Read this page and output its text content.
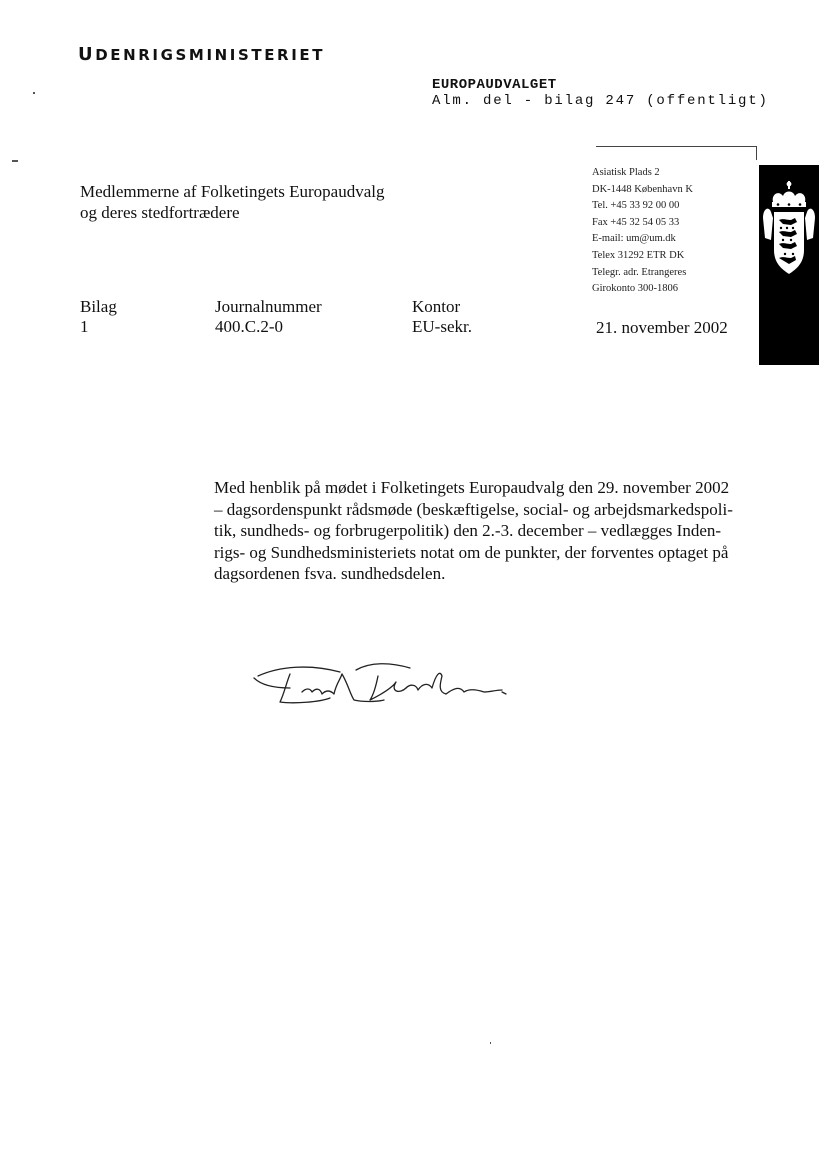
UDENRIGSMINISTERIET
EUROPAUDVALGET
Alm. del - bilag 247 (offentligt)
Medlemmerne af Folketingets Europaudvalg
og deres stedfortrædere
Asiatisk Plads 2
DK-1448 København K
Tel. +45 33 92 00 00
Fax +45 32 54 05 33
E-mail: um@um.dk
Telex 31292 ETR DK
Telegr. adr. Etrangeres
Girokonto 300-1806
Bilag
1
Journalnummer
400.C.2-0
Kontor
EU-sekr.	21. november 2002
Med henblik på mødet i Folketingets Europaudvalg den 29. november 2002
– dagsordenspunkt rådsmøde (beskæftigelse, social- og arbejdsmarkedspoli-
tik, sundheds- og forbrugerpolitik) den 2.-3. december – vedlægges Inden-
rigs- og Sundhedsministeriets notat om de punkter, der forventes optaget på
dagsordenen fsva. sundhedsdelen.
